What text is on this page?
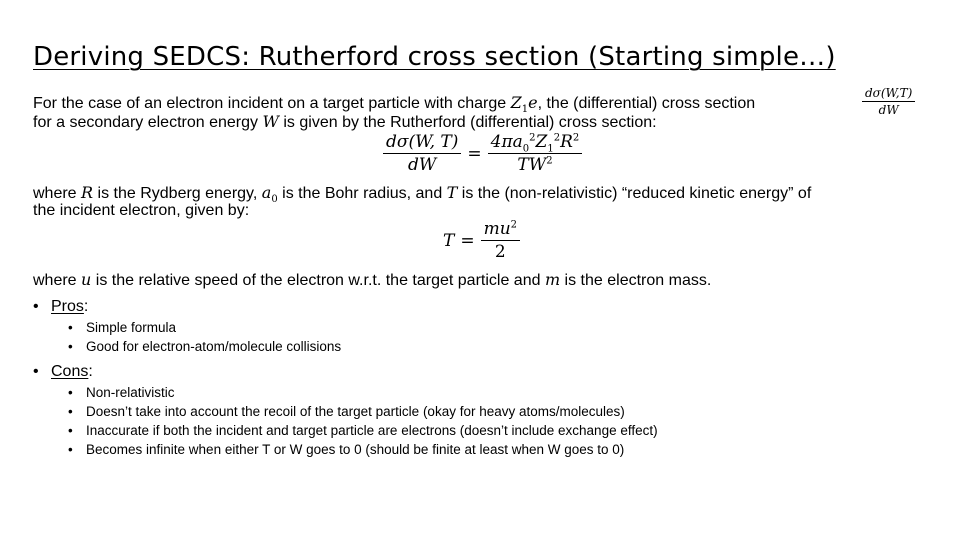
Deriving SEDCS: Rutherford cross section (Starting simple…)
For the case of an electron incident on a target particle with charge $Z_1e$, the (differential) cross section	$\frac{d\sigma(W,T)}{dW}$
for a secondary electron energy W is given by the Rutherford (differential) cross section:
$\frac{d\sigma(W, T)}{dW} = \frac{4\pi a_0^2Z_1^2R^2}{TW^2}$
where R is the Rydberg energy, $a_0$ is the Bohr radius, and T is the (non-relativistic) “reduced kinetic energy” of
the incident electron, given by:
$T = \frac{mu^2}{2}$
where u is the relative speed of the electron w.r.t. the target particle and m is the electron mass.
• Pros:
• Simple formula
• Good for electron-atom/molecule collisions
• Cons:
• Non-relativistic
• Doesn’t take into account the recoil of the target particle (okay for heavy atoms/molecules)
• Inaccurate if both the incident and target particle are electrons (doesn’t include exchange effect)
• Becomes infinite when either T or W goes to 0 (should be finite at least when W goes to 0)
